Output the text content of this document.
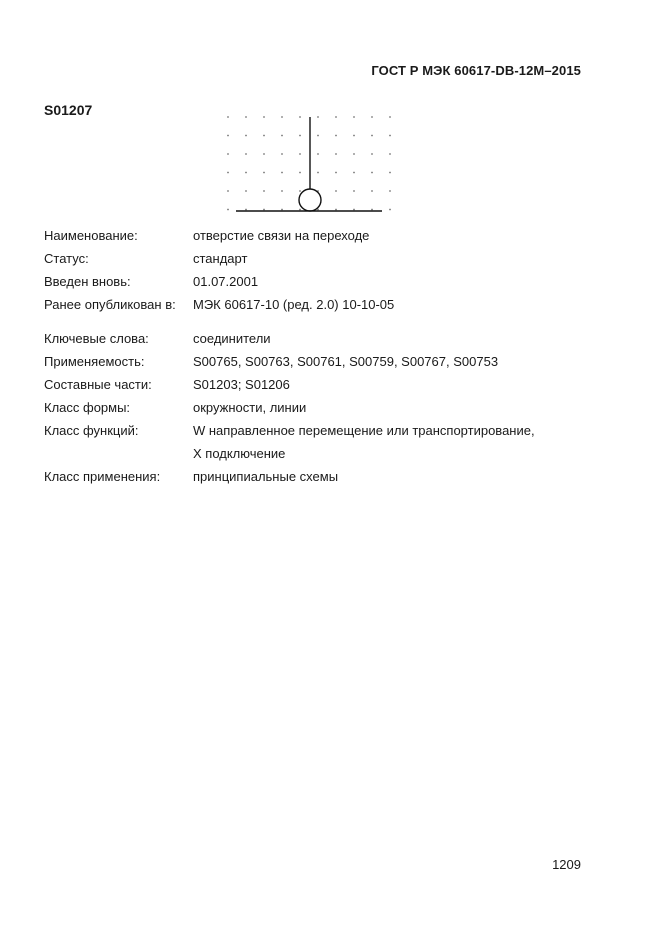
ГОСТ Р МЭК 60617-DB-12M–2015
S01207
Наименование:	отверстие связи на переходе
Статус:	стандарт
Введен вновь:	01.07.2001
Ранее опубликован в: МЭК 60617-10 (ред. 2.0) 10-10-05
Ключевые слова:	соединители
Применяемость:	S00765, S00763, S00761, S00759, S00767, S00753
Составные части:	S01203; S01206
Класс формы:	окружности, линии
Класс функций:	W направленное перемещение или транспортирование,
X подключение
Класс применения:	принципиальные схемы
1209
